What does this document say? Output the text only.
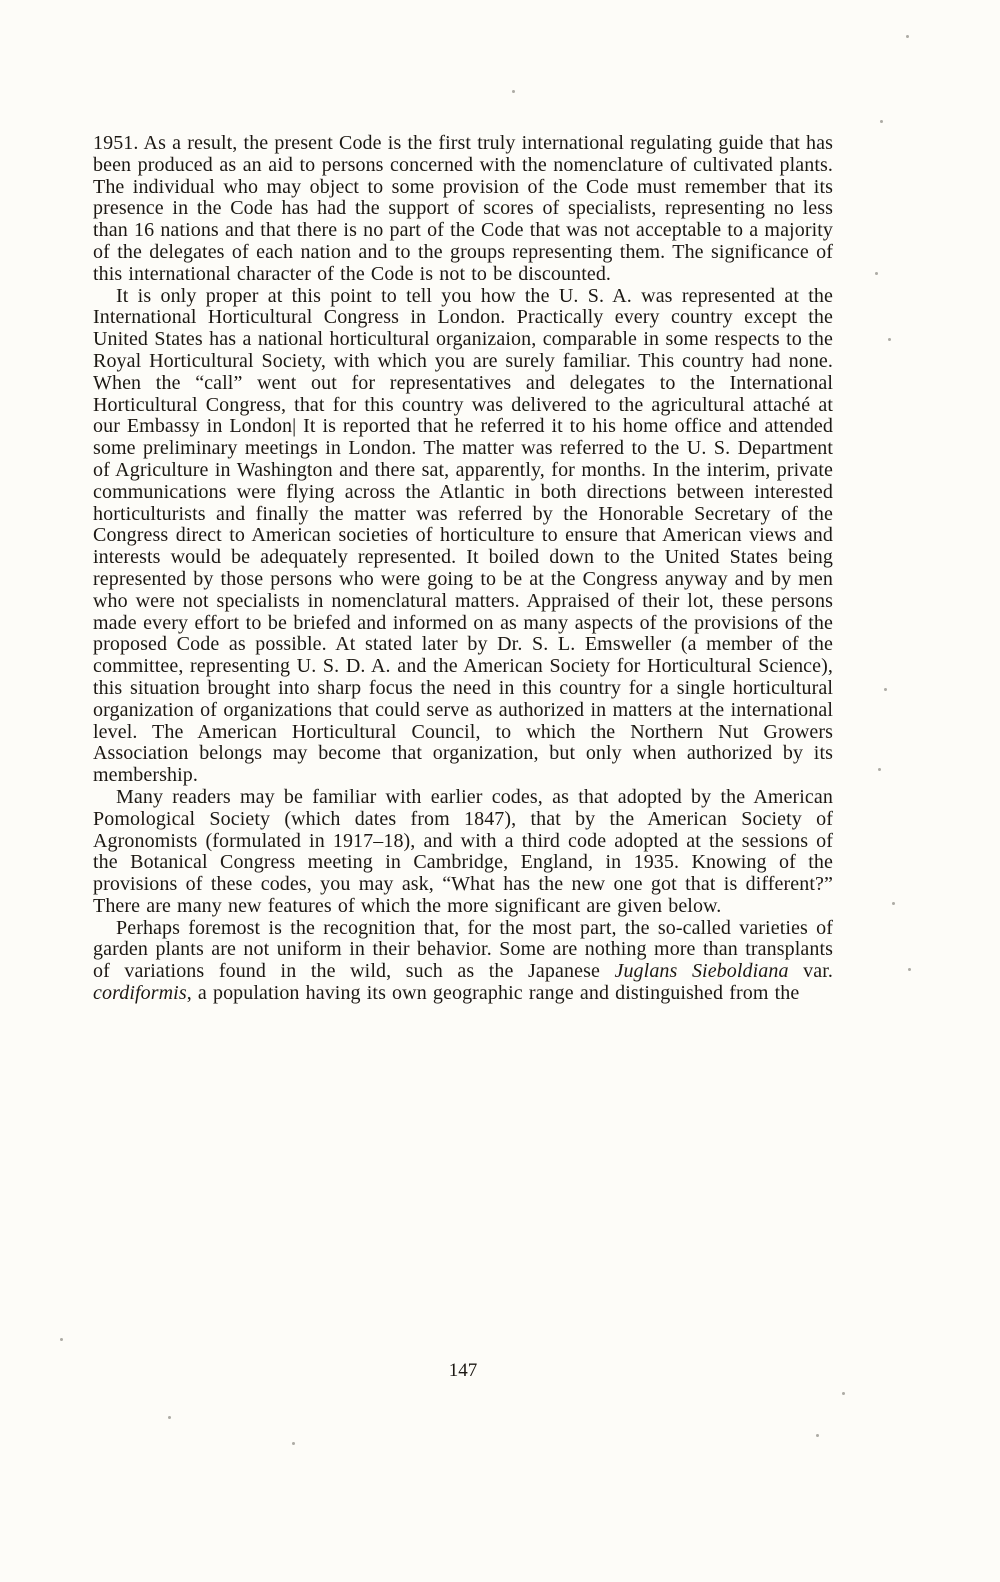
1951. As a result, the present Code is the first truly international regulating guide that has been produced as an aid to persons concerned with the nomenclature of cultivated plants. The individual who may object to some provision of the Code must remember that its presence in the Code has had the support of scores of specialists, representing no less than 16 nations and that there is no part of the Code that was not acceptable to a majority of the delegates of each nation and to the groups representing them. The significance of this international character of the Code is not to be discounted.

It is only proper at this point to tell you how the U. S. A. was represented at the International Horticultural Congress in London. Practically every country except the United States has a national horticultural organizaion, comparable in some respects to the Royal Horticultural Society, with which you are surely familiar. This country had none. When the “call” went out for representatives and delegates to the International Horticultural Congress, that for this country was delivered to the agricultural attaché at our Embassy in London| It is reported that he referred it to his home office and attended some preliminary meetings in London. The matter was referred to the U. S. Department of Agriculture in Washington and there sat, apparently, for months. In the interim, private communications were flying across the Atlantic in both directions between interested horticulturists and finally the matter was referred by the Honorable Secretary of the Congress direct to American societies of horticulture to ensure that American views and interests would be adequately represented. It boiled down to the United States being represented by those persons who were going to be at the Congress anyway and by men who were not specialists in nomenclatural matters. Appraised of their lot, these persons made every effort to be briefed and informed on as many aspects of the provisions of the proposed Code as possible. At stated later by Dr. S. L. Emsweller (a member of the committee, representing U. S. D. A. and the American Society for Horticultural Science), this situation brought into sharp focus the need in this country for a single horticultural organization of organizations that could serve as authorized in matters at the international level. The American Horticultural Council, to which the Northern Nut Growers Association belongs may become that organization, but only when authorized by its membership.

Many readers may be familiar with earlier codes, as that adopted by the American Pomological Society (which dates from 1847), that by the American Society of Agronomists (formulated in 1917–18), and with a third code adopted at the sessions of the Botanical Congress meeting in Cambridge, England, in 1935. Knowing of the provisions of these codes, you may ask, “What has the new one got that is different?” There are many new features of which the more significant are given below.

Perhaps foremost is the recognition that, for the most part, the so-called varieties of garden plants are not uniform in their behavior. Some are nothing more than transplants of variations found in the wild, such as the Japanese Juglans Sieboldiana var. cordiformis, a population having its own geographic range and distinguished from the

147
